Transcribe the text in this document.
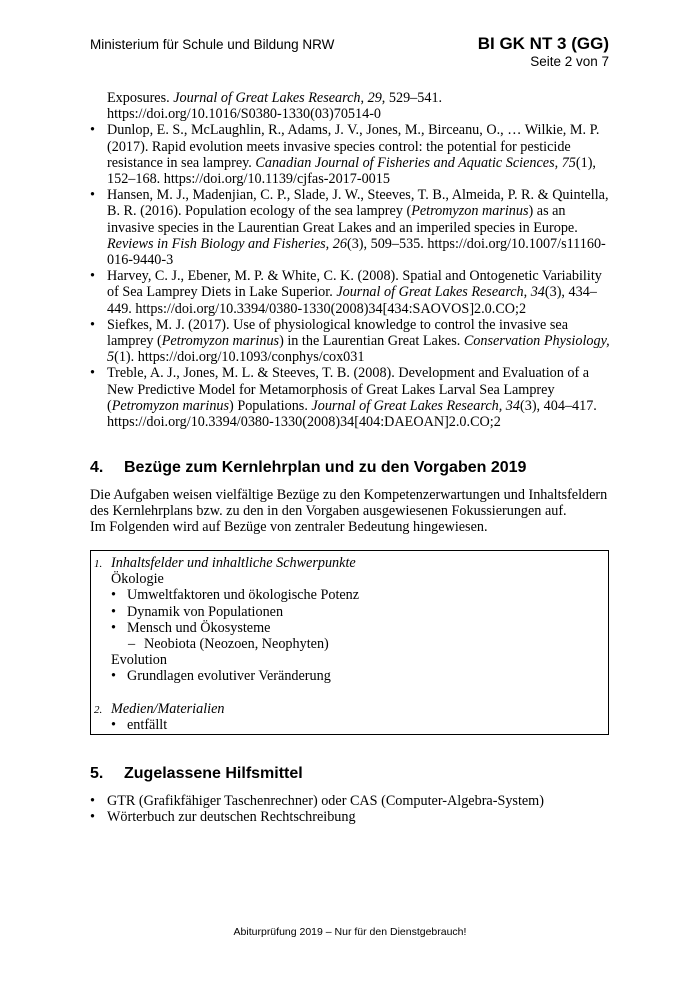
Ministerium für Schule und Bildung NRW	BI GK NT 3 (GG)
Seite 2 von 7
Exposures. Journal of Great Lakes Research, 29, 529–541. https://doi.org/10.1016/S0380-1330(03)70514-0
• Dunlop, E. S., McLaughlin, R., Adams, J. V., Jones, M., Birceanu, O., … Wilkie, M. P. (2017). Rapid evolution meets invasive species control: the potential for pesticide resistance in sea lamprey. Canadian Journal of Fisheries and Aquatic Sciences, 75(1), 152–168. https://doi.org/10.1139/cjfas-2017-0015
• Hansen, M. J., Madenjian, C. P., Slade, J. W., Steeves, T. B., Almeida, P. R. & Quintella, B. R. (2016). Population ecology of the sea lamprey (Petromyzon marinus) as an invasive species in the Laurentian Great Lakes and an imperiled species in Europe. Reviews in Fish Biology and Fisheries, 26(3), 509–535. https://doi.org/10.1007/s11160-016-9440-3
• Harvey, C. J., Ebener, M. P. & White, C. K. (2008). Spatial and Ontogenetic Variability of Sea Lamprey Diets in Lake Superior. Journal of Great Lakes Research, 34(3), 434–449. https://doi.org/10.3394/0380-1330(2008)34[434:SAOVOS]2.0.CO;2
• Siefkes, M. J. (2017). Use of physiological knowledge to control the invasive sea lamprey (Petromyzon marinus) in the Laurentian Great Lakes. Conservation Physiology, 5(1). https://doi.org/10.1093/conphys/cox031
• Treble, A. J., Jones, M. L. & Steeves, T. B. (2008). Development and Evaluation of a New Predictive Model for Metamorphosis of Great Lakes Larval Sea Lamprey (Petromyzon marinus) Populations. Journal of Great Lakes Research, 34(3), 404–417. https://doi.org/10.3394/0380-1330(2008)34[404:DAEOAN]2.0.CO;2
4. Bezüge zum Kernlehrplan und zu den Vorgaben 2019
Die Aufgaben weisen vielfältige Bezüge zu den Kompetenzerwartungen und Inhaltsfeldern des Kernlehrplans bzw. zu den in den Vorgaben ausgewiesenen Fokussierungen auf.
Im Folgenden wird auf Bezüge von zentraler Bedeutung hingewiesen.
1. Inhaltsfelder und inhaltliche Schwerpunkte
Ökologie
• Umweltfaktoren und ökologische Potenz
• Dynamik von Populationen
• Mensch und Ökosysteme
– Neobiota (Neozoen, Neophyten)
Evolution
• Grundlagen evolutiver Veränderung
2. Medien/Materialien
• entfällt
5. Zugelassene Hilfsmittel
• GTR (Grafikfähiger Taschenrechner) oder CAS (Computer-Algebra-System)
• Wörterbuch zur deutschen Rechtschreibung
Abiturprüfung 2019 – Nur für den Dienstgebrauch!
